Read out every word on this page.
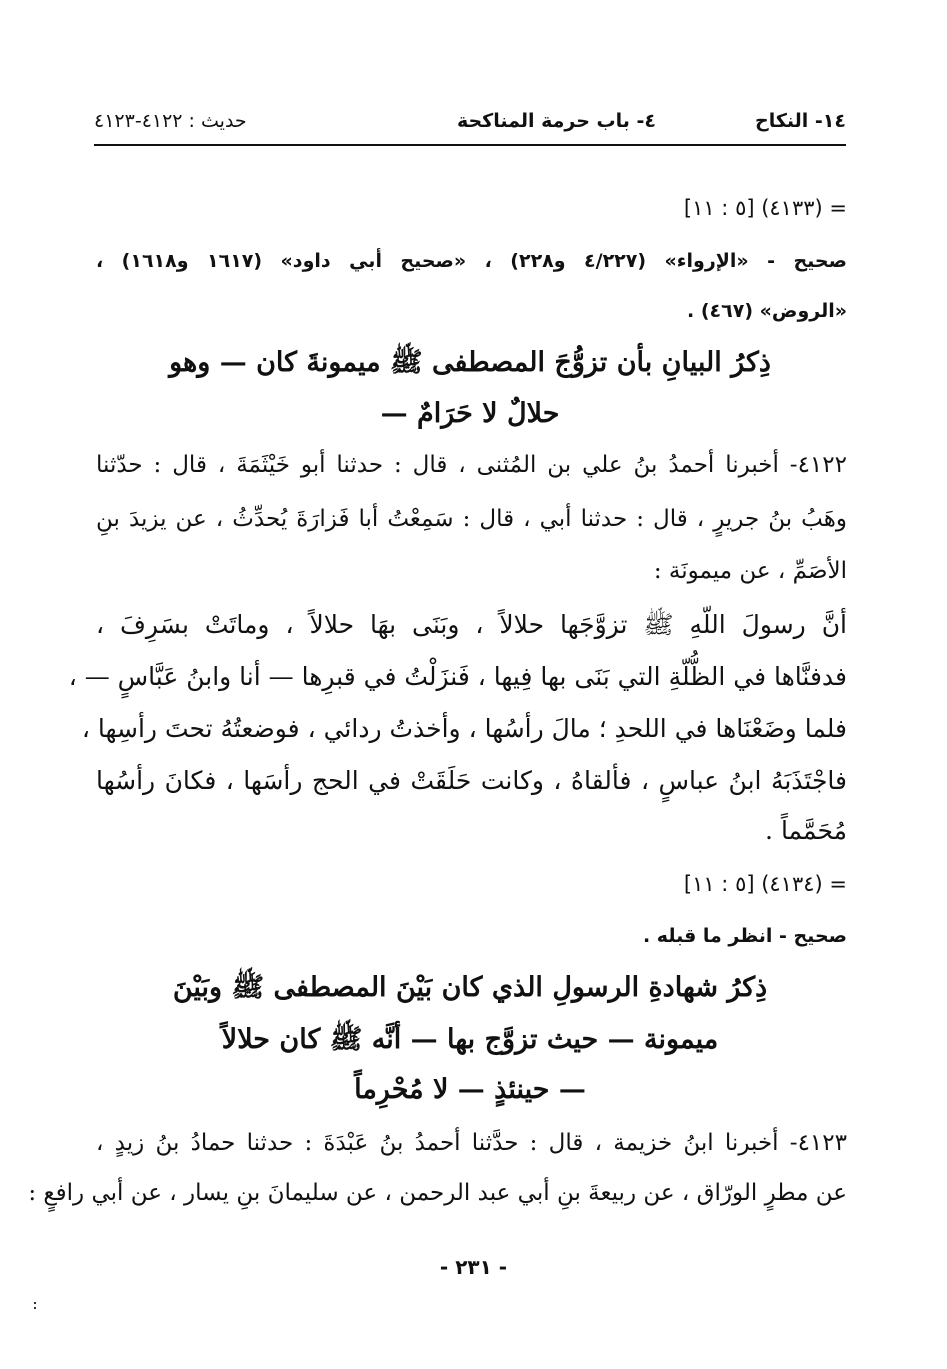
١٤- النكاح
٤- باب حرمة المناكحة
حديث : ٤١٢٢-٤١٢٣
= (٤١٣٣) [٥ : ١١]
صحيح - «الإرواء» (٤/٢٢٧ و٢٢٨) ، «صحيح أبي داود» (١٦١٧ و١٦١٨) ،
«الروض» (٤٦٧) .
ذِكرُ البيانِ بأن تزوُّجَ المصطفى ﷺ ميمونةَ كان — وهو
حلالٌ لا حَرَامٌ —
٤١٢٢- أخبرنا أحمدُ بنُ علي بن المُثنى ، قال : حدثنا أبو خَيْثَمَةَ ، قال : حدّثنا
وهَبُ بنُ جريرٍ ، قال : حدثنا أبي ، قال : سَمِعْتُ أبا فَزارَةَ يُحدِّثُ ، عن يزيدَ بنِ
الأصَمِّ ، عن ميمونَة :
أنَّ رسولَ اللّهِ ﷺ تزوَّجَها حلالاً ، وبَنَى بهَا حلالاً ، وماتَتْ بسَرِفَ ،
فدفنَّاها في الظُّلّةِ التي بَنَى بها فِيها ، فَنزَلْتُ في قبرِها — أنا وابنُ عَبَّاسٍ — ،
فلما وضَعْنَاها في اللحدِ ؛ مالَ رأسُها ، وأخذتُ ردائي ، فوضعتُهُ تحتَ رأسِها ،
فاجْتَذَبَهُ ابنُ عباسٍ ، فألقاهُ ، وكانت حَلَقَتْ في الحج رأسَها ، فكانَ رأسُها
مُحَمَّماً .
= (٤١٣٤) [٥ : ١١]
صحيح - انظر ما قبله .
ذِكرُ شهادةِ الرسولِ الذي كان بَيْنَ المصطفى ﷺ وبَيْنَ
ميمونة — حيث تزوَّج بها — أنَّه ﷺ كان حلالاً
— حينئذٍ — لا مُحْرِماً
٤١٢٣- أخبرنا ابنُ خزيمة ، قال : حدَّثنا أحمدُ بنُ عَبْدَةَ : حدثنا حمادُ بنُ زيدٍ ،
عن مطرٍ الورّاق ، عن ربيعةَ بنِ أبي عبد الرحمن ، عن سليمانَ بنِ يسار ، عن أبي رافعٍ :
- ٢٣١ -
